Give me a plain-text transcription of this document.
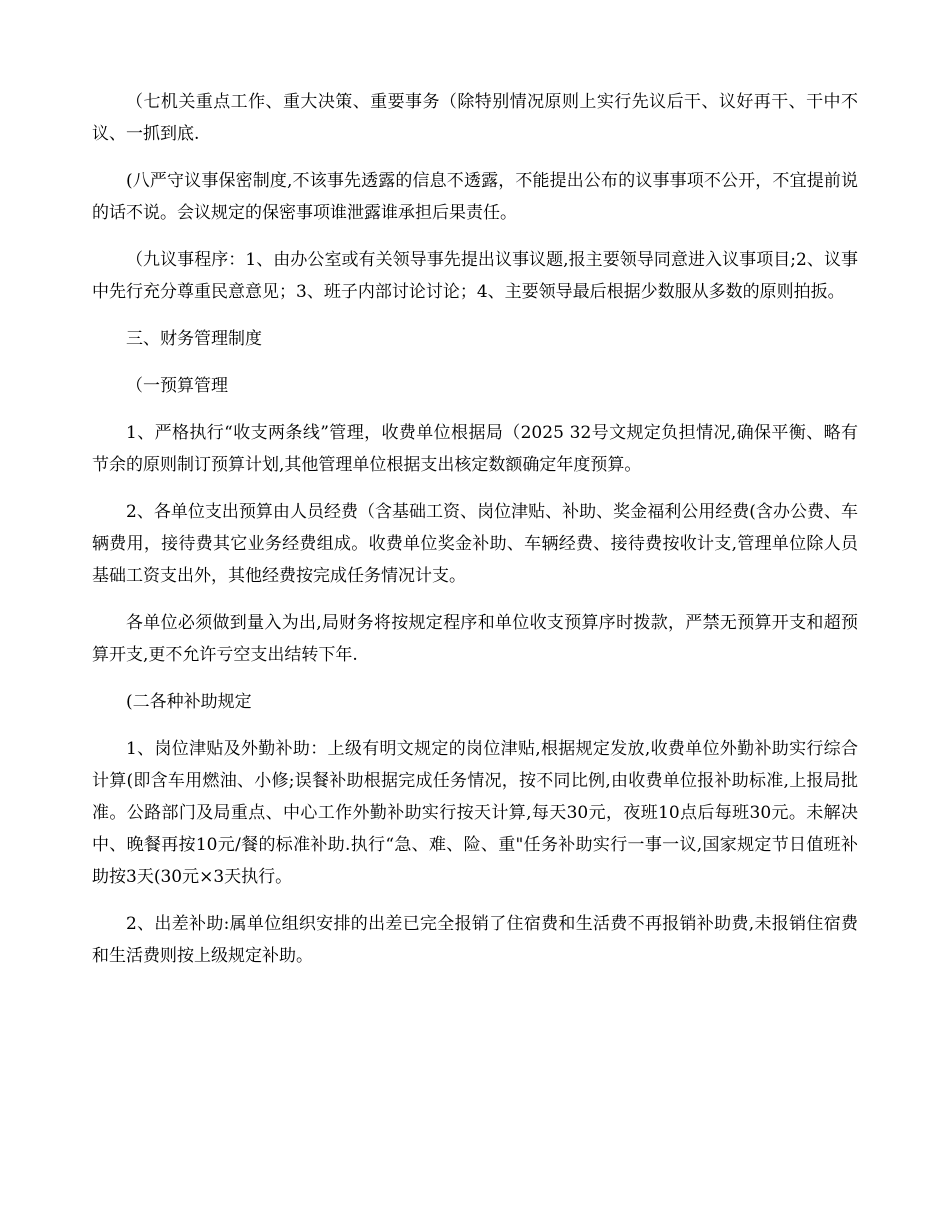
（七机关重点工作、重大决策、重要事务（除特别情况原则上实行先议后干、议好再干、干中不议、一抓到底.

(八严守议事保密制度,不该事先透露的信息不透露，不能提出公布的议事事项不公开，不宜提前说的话不说。会议规定的保密事项谁泄露谁承担后果责任。

（九议事程序：1、由办公室或有关领导事先提出议事议题,报主要领导同意进入议事项目;2、议事中先行充分尊重民意意见；3、班子内部讨论讨论；4、主要领导最后根据少数服从多数的原则拍扳。

三、财务管理制度

（一预算管理

1、严格执行“收支两条线”管理，收费单位根据局（2025 32号文规定负担情况,确保平衡、略有节余的原则制订预算计划,其他管理单位根据支出核定数额确定年度预算。

2、各单位支出预算由人员经费（含基础工资、岗位津贴、补助、奖金福利公用经费(含办公费、车辆费用，接待费其它业务经费组成。收费单位奖金补助、车辆经费、接待费按收计支,管理单位除人员基础工资支出外，其他经费按完成任务情况计支。

各单位必须做到量入为出,局财务将按规定程序和单位收支预算序时拨款，严禁无预算开支和超预算开支,更不允许亏空支出结转下年.

(二各种补助规定

1、岗位津贴及外勤补助：上级有明文规定的岗位津贴,根据规定发放,收费单位外勤补助实行综合计算(即含车用燃油、小修;误餐补助根据完成任务情况，按不同比例,由收费单位报补助标准,上报局批准。公路部门及局重点、中心工作外勤补助实行按天计算,每天30元，夜班10点后每班30元。未解决中、晚餐再按10元/餐的标准补助.执行“急、难、险、重"任务补助实行一事一议,国家规定节日值班补助按3天(30元×3天执行。

2、出差补助:属单位组织安排的出差已完全报销了住宿费和生活费不再报销补助费,未报销住宿费和生活费则按上级规定补助。
